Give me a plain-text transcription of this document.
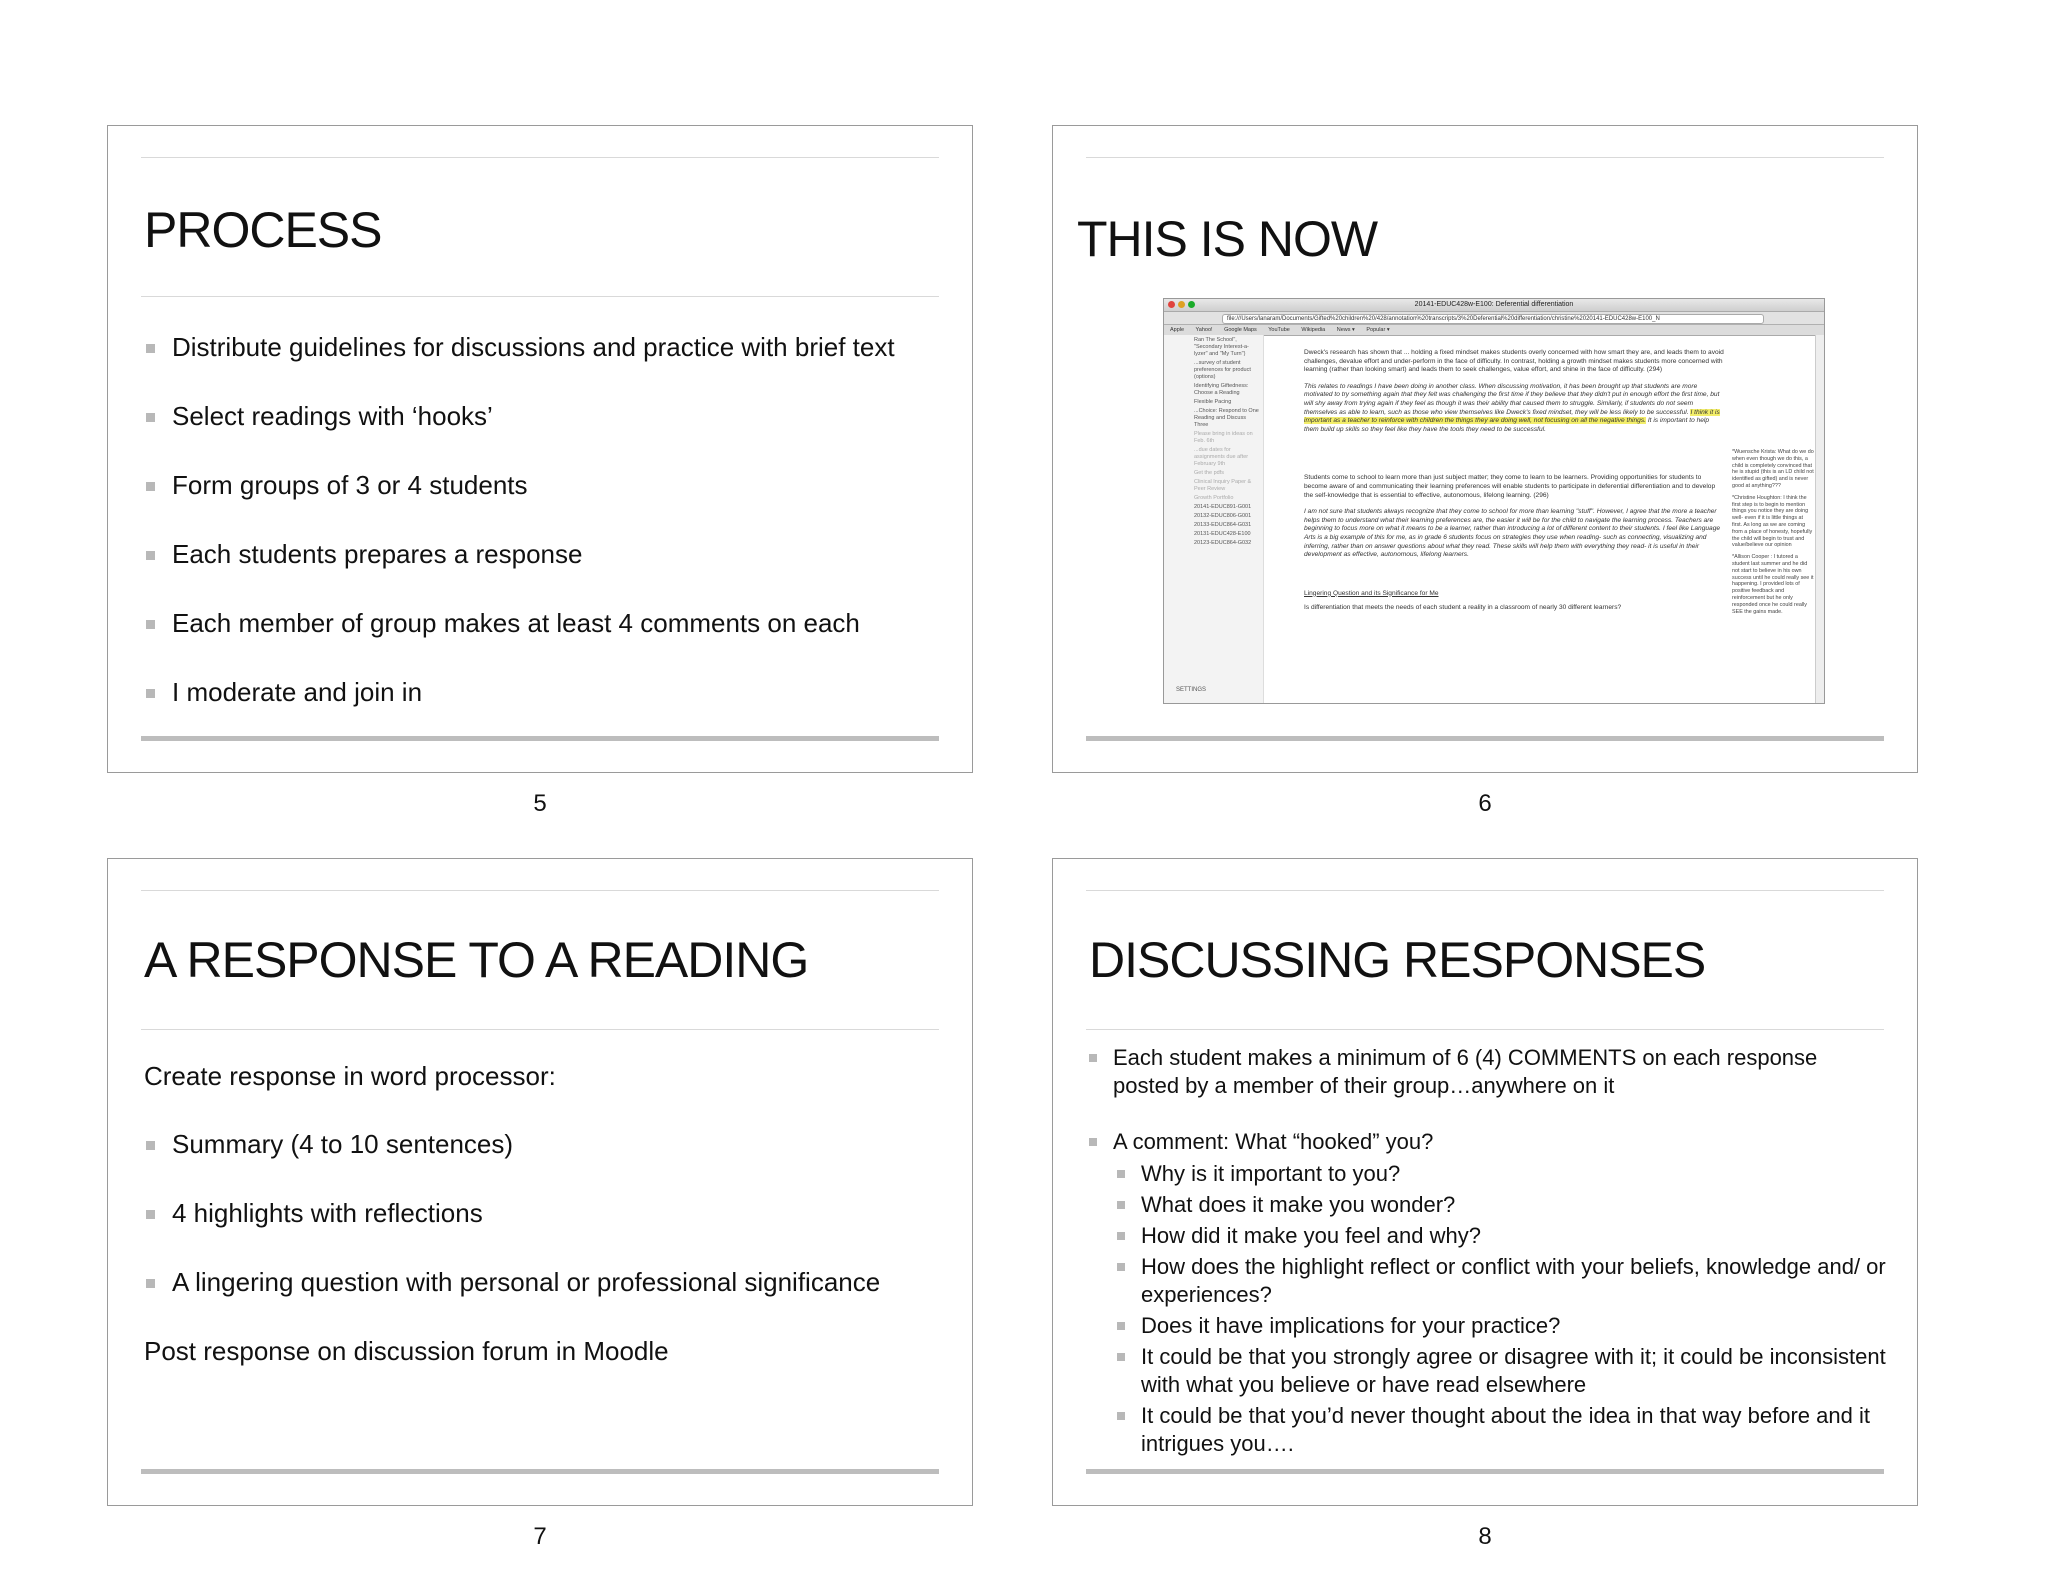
PROCESS
Distribute guidelines for discussions and practice with brief text
Select readings with ‘hooks’
Form groups of 3 or 4 students
Each students prepares a response
Each member of group makes at least 4 comments on each
I moderate and join in
5
THIS IS NOW
20141-EDUC428w-E100: Deferential differentiation
file:///Users/lanaram/Documents/Gifted%20children%20/428/annotation%20transcripts/3%20Deferential%20differentiation/christine%2020141-EDUC428w-E100_N
Apple Yahoo! Google Maps YouTube Wikipedia News ▾ Popular ▾
Ran The School", "Secondary Interest-a-lyzer" and "My Turn")
...survey of student preferences for product (options)
Identifying Giftedness: Choose a Reading
Flexible Pacing
...Choice: Respond to One Reading and Discuss Three
Please bring in ideas on Feb. 6th
...due dates for assignments due after February 9th
Get the pdfs
Clinical Inquiry Paper & Peer Review
Growth Portfolio
20141-EDUC891-G001
20132-EDUC806-G001
20133-EDUC864-G031
20131-EDUC428-E100
20123-EDUC864-G032
SETTINGS

Dweck's research has shown that ... holding a fixed mindset makes students overly concerned with how smart they are, and leads them to avoid challenges, devalue effort and under-perform in the face of difficulty. In contrast, holding a growth mindset makes students more concerned with learning (rather than looking smart) and leads them to seek challenges, value effort, and shine in the face of difficulty. (294)

This relates to readings I have been doing in another class. When discussing motivation, it has been brought up that students are more motivated to try something again that they felt was challenging the first time if they believe that they didn't put in enough effort the first time, but will shy away from trying again if they feel as though it was their ability that caused them to struggle. Similarly, if students do not seem themselves as able to learn, such as those who view themselves like Dweck's fixed mindset, they will be less likely to be successful. I think it is important as a teacher to reinforce with children the things they are doing well, not focusing on all the negative things. It is important to help them build up skills so they feel like they have the tools they need to be successful.

Students come to school to learn more than just subject matter; they come to learn to be learners. Providing opportunities for students to become aware of and communicating their learning preferences will enable students to participate in deferential differentiation and to develop the self-knowledge that is essential to effective, autonomous, lifelong learning. (296)

I am not sure that students always recognize that they come to school for more than learning "stuff". However, I agree that the more a teacher helps them to understand what their learning preferences are, the easier it will be for the child to navigate the learning process. Teachers are beginning to focus more on what it means to be a learner, rather than introducing a lot of different content to their students. I feel like Language Arts is a big example of this for me, as in grade 6 students focus on strategies they use when reading- such as connecting, visualizing and inferring, rather than on answer questions about what they read. These skills will help them with everything they read- it is useful in their development as effective, autonomous, lifelong learners.

Lingering Question and its Significance for Me

Is differentiation that meets the needs of each student a reality in a classroom of nearly 30 different learners?

*Wuensche Krista: What do we do when even though we do this, a child is completely convinced that he is stupid (this is an LD child not identified as gifted) and is never good at anything???

*Christine Houghton: I think the first step is to begin to mention things you notice they are doing well- even if it is little things at first. As long as we are coming from a place of honesty, hopefully the child will begin to trust and value/believe our opinion

*Allison Cooper : I tutored a student last summer and he did not start to believe in his own success until he could really see it happening. I provided lots of positive feedback and reinforcement but he only responded once he could really SEE the gains made.

6
A RESPONSE TO A READING

Create response in word processor:

Summary (4 to 10 sentences)
4 highlights with reflections
A lingering question with personal or professional significance

Post response on discussion forum in Moodle

7
DISCUSSING RESPONSES
Each student makes a minimum of 6 (4) COMMENTS on each response posted by a member of their group…anywhere on it
A comment: What “hooked” you?
Why is it important to you?
What does it make you wonder?
How did it make you feel and why?
How does the highlight reflect or conflict with your beliefs, knowledge and/ or experiences?
Does it have implications for your practice?
It could be that you strongly agree or disagree with it; it could be inconsistent with what you believe or have read elsewhere
It could be that you’d never thought about the idea in that way before and it intrigues you….
8
